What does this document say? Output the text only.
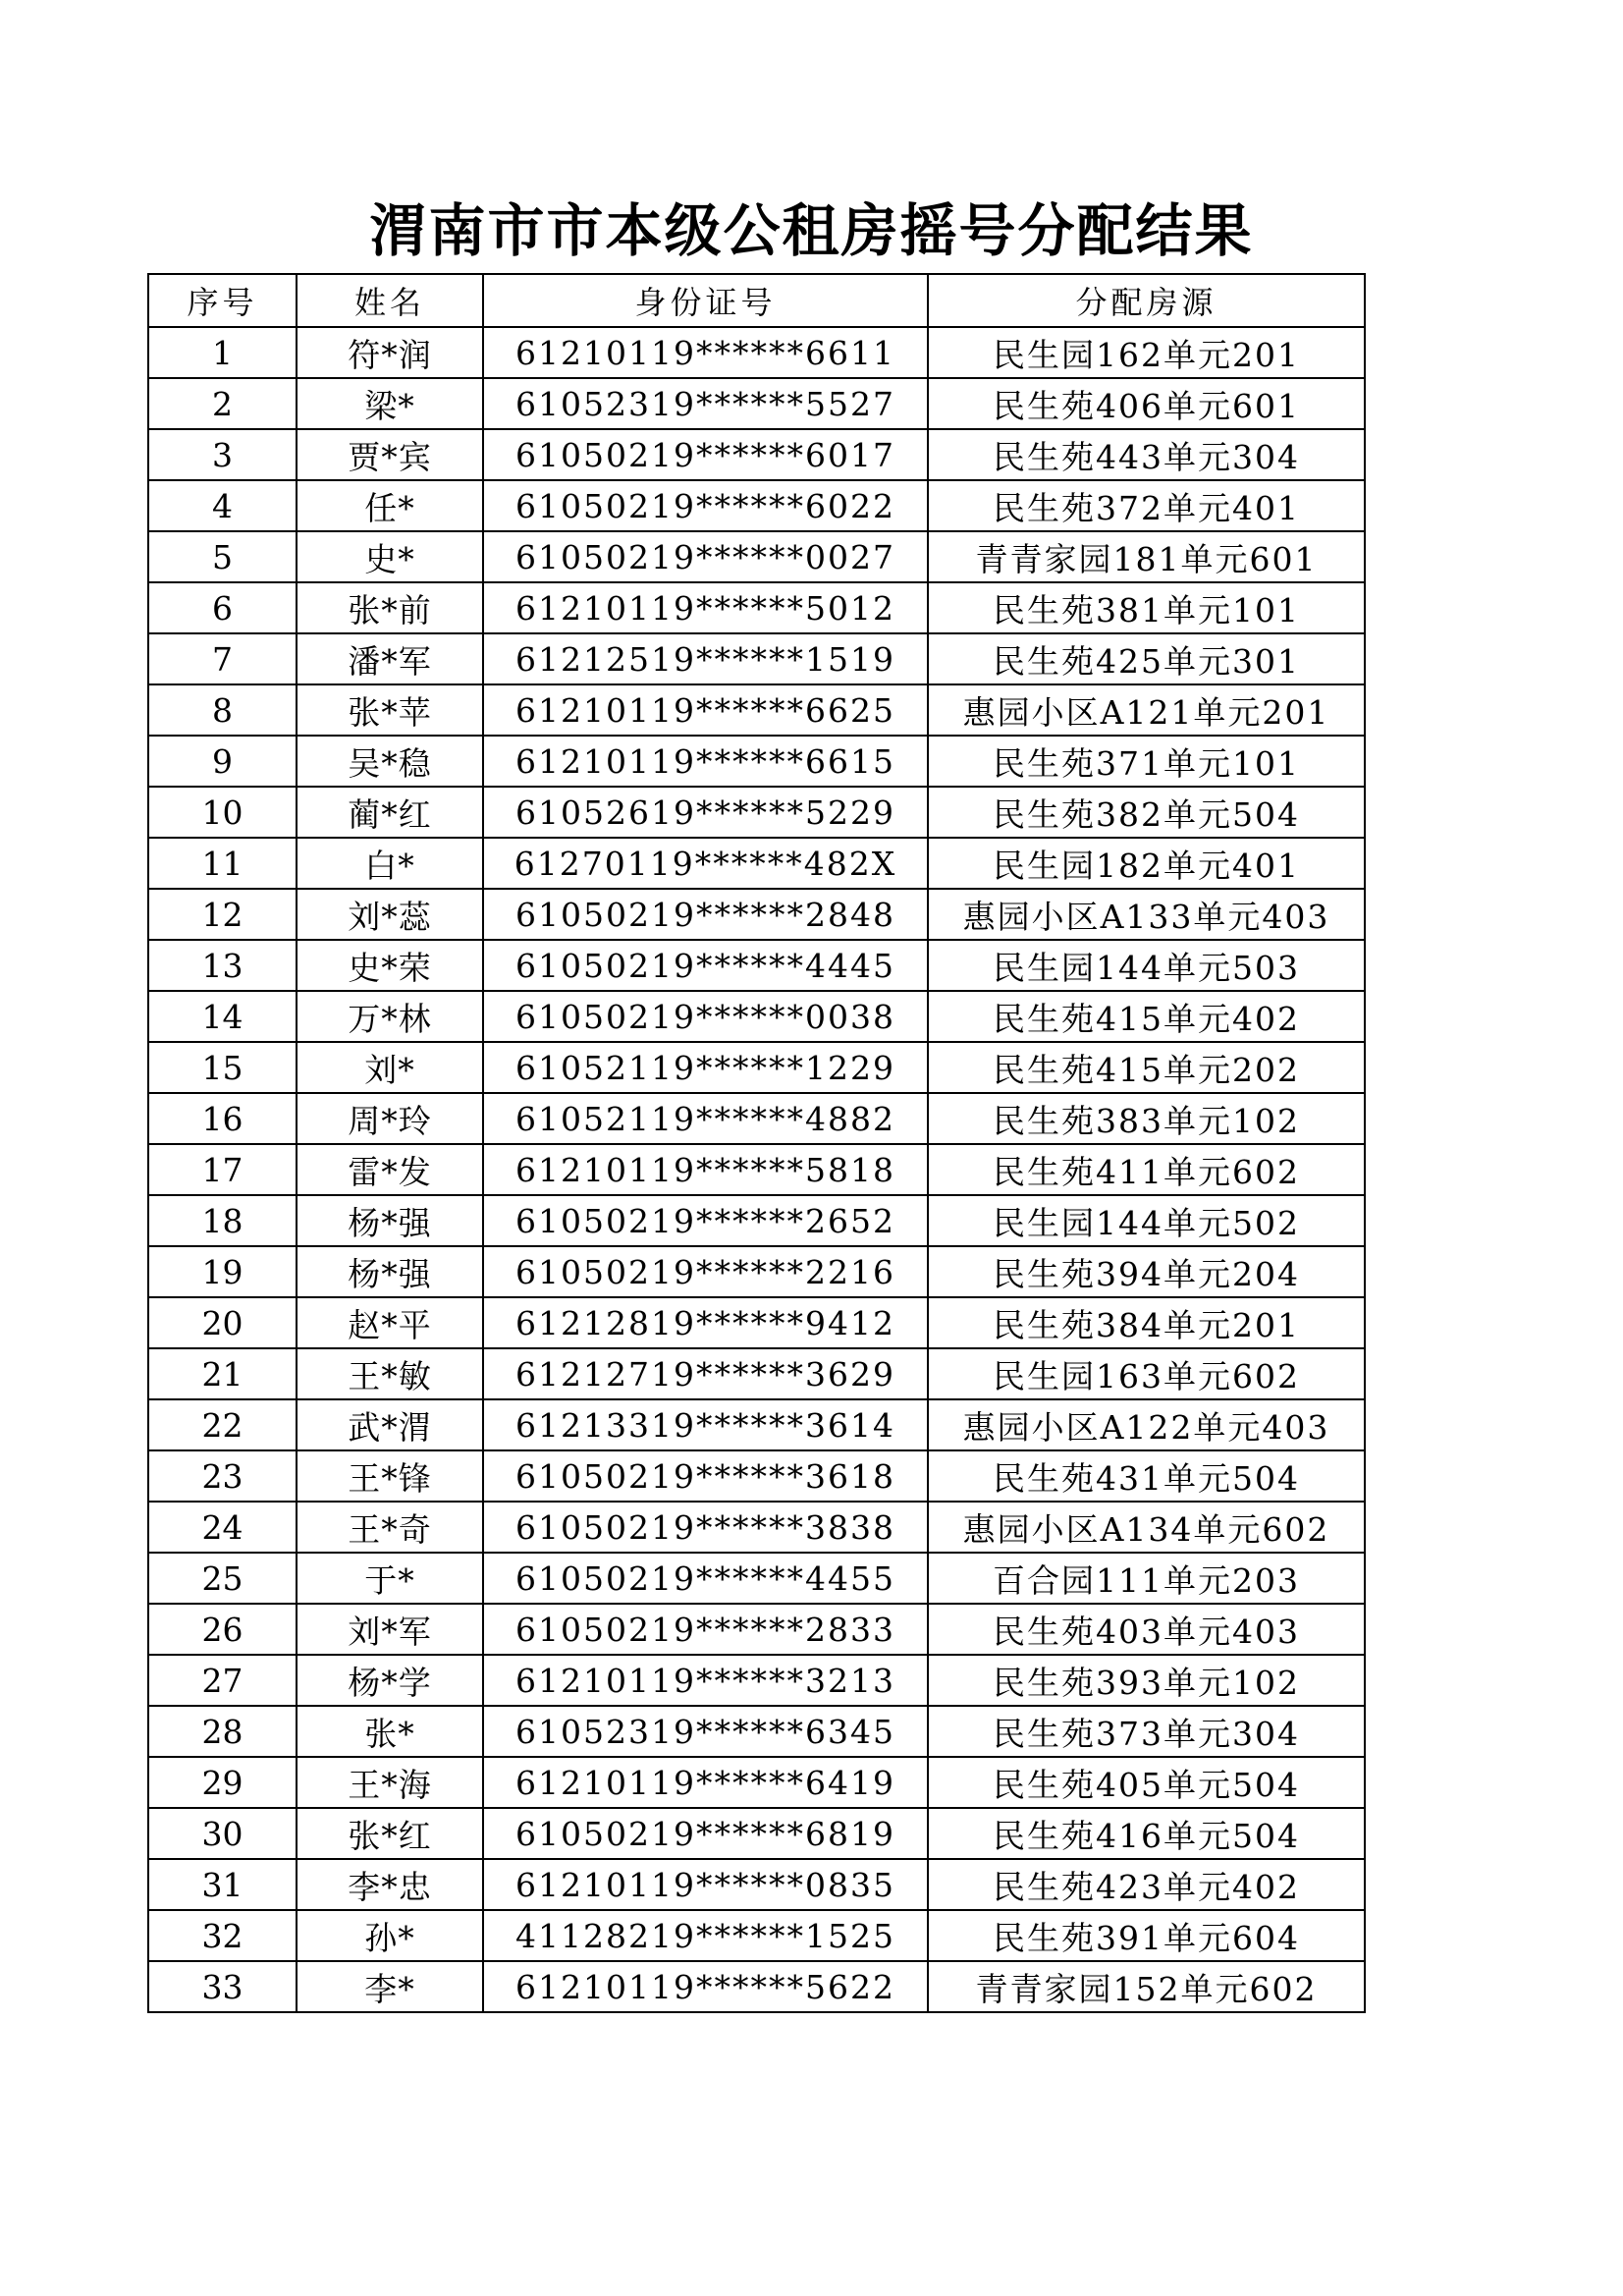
渭南市市本级公租房摇号分配结果
序号	姓名	身份证号	分配房源
1	符*润	61210119******6611	民生园162单元201
2	梁*	61052319******5527	民生苑406单元601
3	贾*宾	61050219******6017	民生苑443单元304
4	任*	61050219******6022	民生苑372单元401
5	史*	61050219******0027	青青家园181单元601
6	张*前	61210119******5012	民生苑381单元101
7	潘*军	61212519******1519	民生苑425单元301
8	张*苹	61210119******6625	惠园小区A121单元201
9	吴*稳	61210119******6615	民生苑371单元101
10	蔺*红	61052619******5229	民生苑382单元504
11	白*	61270119******482X	民生园182单元401
12	刘*蕊	61050219******2848	惠园小区A133单元403
13	史*荣	61050219******4445	民生园144单元503
14	万*林	61050219******0038	民生苑415单元402
15	刘*	61052119******1229	民生苑415单元202
16	周*玲	61052119******4882	民生苑383单元102
17	雷*发	61210119******5818	民生苑411单元602
18	杨*强	61050219******2652	民生园144单元502
19	杨*强	61050219******2216	民生苑394单元204
20	赵*平	61212819******9412	民生苑384单元201
21	王*敏	61212719******3629	民生园163单元602
22	武*渭	61213319******3614	惠园小区A122单元403
23	王*锋	61050219******3618	民生苑431单元504
24	王*奇	61050219******3838	惠园小区A134单元602
25	于*	61050219******4455	百合园111单元203
26	刘*军	61050219******2833	民生苑403单元403
27	杨*学	61210119******3213	民生苑393单元102
28	张*	61052319******6345	民生苑373单元304
29	王*海	61210119******6419	民生苑405单元504
30	张*红	61050219******6819	民生苑416单元504
31	李*忠	61210119******0835	民生苑423单元402
32	孙*	41128219******1525	民生苑391单元604
33	李*	61210119******5622	青青家园152单元602
